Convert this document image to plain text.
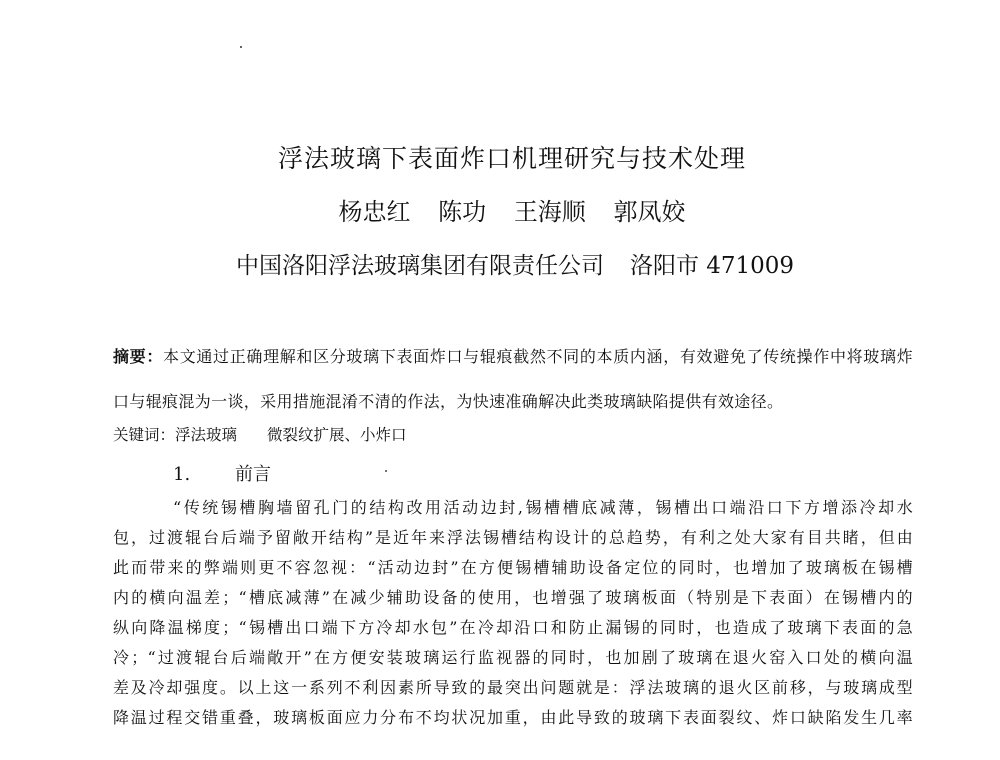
浮法玻璃下表面炸口机理研究与技术处理
杨忠红 陈功 王海顺 郭凤姣
中国洛阳浮法玻璃集团有限责任公司 洛阳市 471009
摘要：本文通过正确理解和区分玻璃下表面炸口与辊痕截然不同的本质内涵，有效避免了传统操作中将玻璃炸口与辊痕混为一谈，采用措施混淆不清的作法，为快速准确解决此类玻璃缺陷提供有效途径。
关键词：浮法玻璃 微裂纹扩展、小炸口
1. 前言
“传统锡槽胸墙留孔门的结构改用活动边封,锡槽槽底减薄，锡槽出口端沿口下方增添冷却水
包，过渡辊台后端予留敞开结构”是近年来浮法锡槽结构设计的总趋势，有利之处大家有目共睹，但由
此而带来的弊端则更不容忽视：“活动边封”在方便锡槽辅助设备定位的同时，也增加了玻璃板在锡槽
内的横向温差；“槽底减薄”在减少辅助设备的使用，也增强了玻璃板面（特别是下表面）在锡槽内的
纵向降温梯度；“锡槽出口端下方冷却水包”在冷却沿口和防止漏锡的同时，也造成了玻璃下表面的急
冷；“过渡辊台后端敞开”在方便安装玻璃运行监视器的同时，也加剧了玻璃在退火窑入口处的横向温
差及冷却强度。以上这一系列不利因素所导致的最突出问题就是：浮法玻璃的退火区前移，与玻璃成型
降温过程交错重叠，玻璃板面应力分布不均状况加重，由此导致的玻璃下表面裂纹、炸口缺陷发生几率
